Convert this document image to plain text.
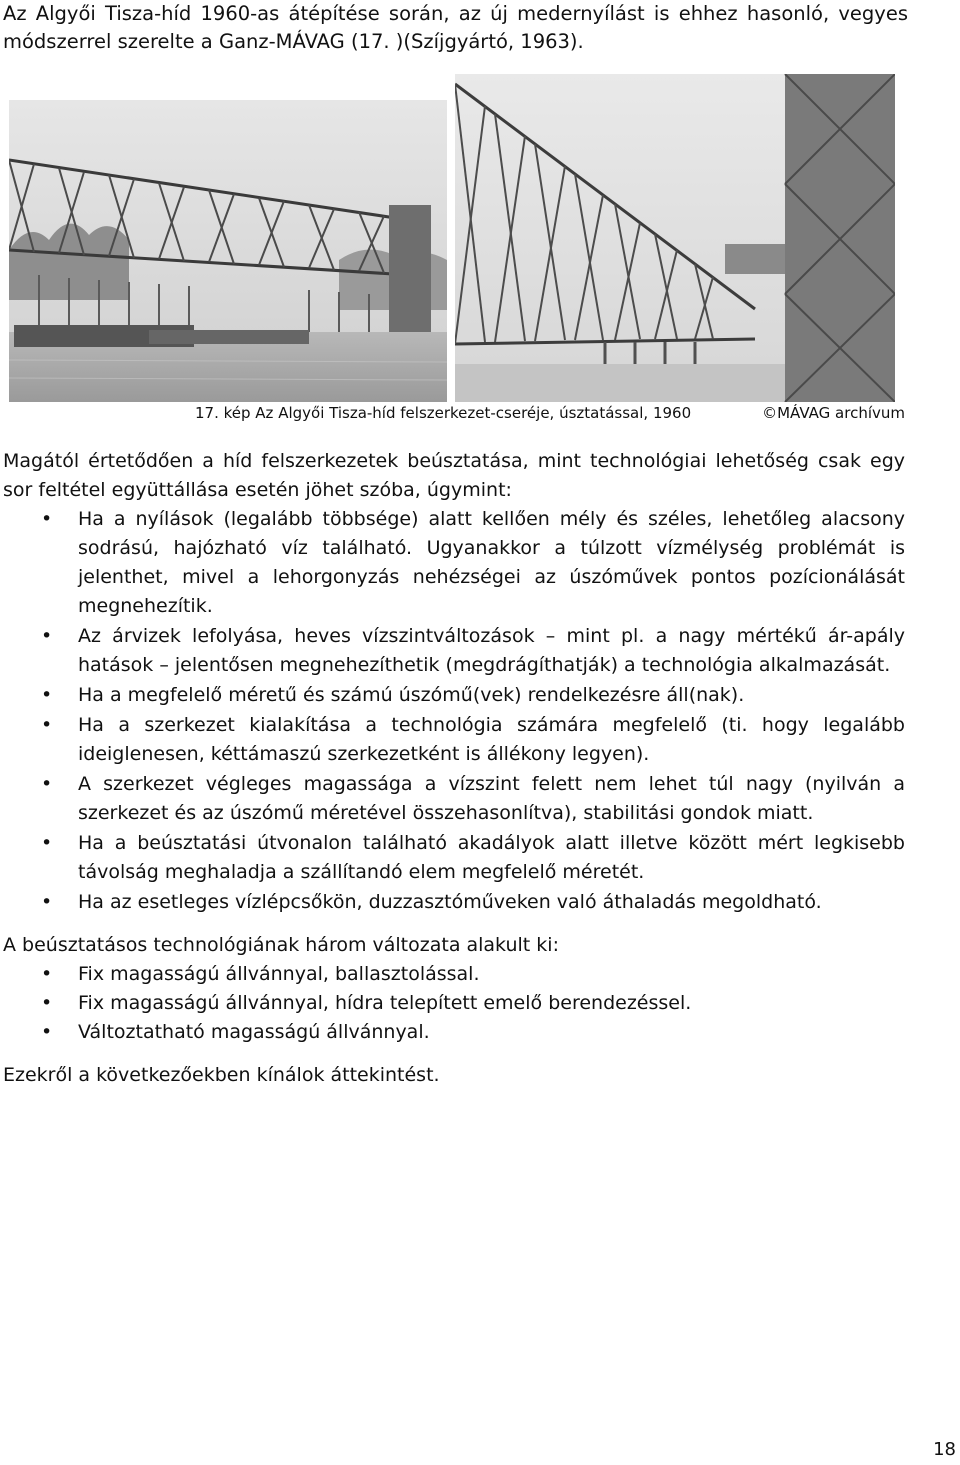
Az Algyői Tisza-híd 1960-as átépítése során, az új medernyílást is ehhez hasonló, vegyes módszerrel szerelte a Ganz-MÁVAG (17. )(Szíjgyártó, 1963).

17. kép Az Algyői Tisza-híd felszerkezet-cseréje, úsztatással, 1960	©MÁVAG archívum

Magától értetődően a híd felszerkezetek beúsztatása, mint technológiai lehetőség csak egy sor feltétel együttállása esetén jöhet szóba, úgymint:

• Ha a nyílások (legalább többsége) alatt kellően mély és széles, lehetőleg alacsony sodrású, hajózható víz található. Ugyanakkor a túlzott vízmélység problémát is jelenthet, mivel a lehorgonyzás nehézségei az úszóművek pontos pozícionálását megnehezítik.
• Az árvizek lefolyása, heves vízszintváltozások – mint pl. a nagy mértékű ár-apály hatások – jelentősen megnehezíthetik (megdrágíthatják) a technológia alkalmazását.
• Ha a megfelelő méretű és számú úszómű(vek) rendelkezésre áll(nak).
• Ha a szerkezet kialakítása a technológia számára megfelelő (ti. hogy legalább ideiglenesen, kéttámaszú szerkezetként is állékony legyen).
• A szerkezet végleges magassága a vízszint felett nem lehet túl nagy (nyilván a szerkezet és az úszómű méretével összehasonlítva), stabilitási gondok miatt.
• Ha a beúsztatási útvonalon található akadályok alatt illetve között mért legkisebb távolság meghaladja a szállítandó elem megfelelő méretét.
• Ha az esetleges vízlépcsőkön, duzzasztóműveken való áthaladás megoldható.

A beúsztatásos technológiának három változata alakult ki:

• Fix magasságú állvánnyal, ballasztolással.
• Fix magasságú állvánnyal, hídra telepített emelő berendezéssel.
• Változtatható magasságú állvánnyal.

Ezekről a következőekben kínálok áttekintést.

18
